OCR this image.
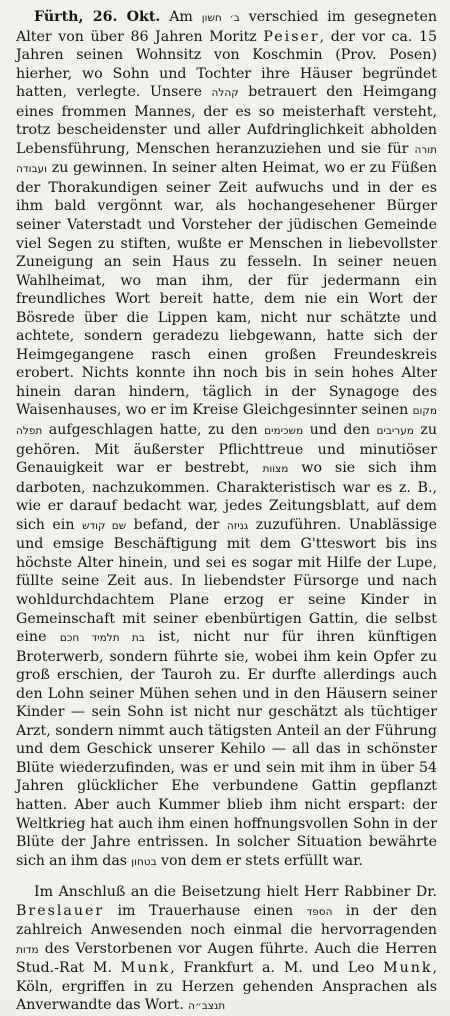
Fürth, 26. Okt. Am ב׳ חשון verschied im gesegneten Alter von über 86 Jahren Moritz Peiser, der vor ca. 15 Jahren seinen Wohnsitz von Koschmin (Prov. Posen) hierher, wo Sohn und Tochter ihre Häuser begründet hatten, verlegte. Unsere קהלה betrauert den Heimgang eines frommen Mannes, der es so meisterhaft versteht, trotz bescheidenster und aller Aufdringlichkeit abholden Lebensführung, Menschen heranzuziehen und sie für תורה ועבודה zu gewinnen. In seiner alten Heimat, wo er zu Füßen der Thorakundigen seiner Zeit aufwuchs und in der es ihm bald vergönnt war, als hochangesehener Bürger seiner Vaterstadt und Vorsteher der jüdischen Gemeinde viel Segen zu stiften, wußte er Menschen in liebevollster Zuneigung an sein Haus zu fesseln. In seiner neuen Wahlheimat, wo man ihm, der für jedermann ein freundliches Wort bereit hatte, dem nie ein Wort der Bösrede über die Lippen kam, nicht nur schätzte und achtete, sondern geradezu liebgewann, hatte sich der Heimgegangene rasch einen großen Freundeskreis erobert. Nichts konnte ihn noch bis in sein hohes Alter hinein daran hindern, täglich in der Synagoge des Waisenhauses, wo er im Kreise Gleichgesinnter seinen מקום תפלה aufgeschlagen hatte, zu den משכימים und den מעריבים zu gehören. Mit äußerster Pflichttreue und minutiöser Genauigkeit war er bestrebt, מצוות wo sie sich ihm darboten, nachzukommen. Charakteristisch war es z. B., wie er darauf bedacht war, jedes Zeitungsblatt, auf dem sich ein שם קודש befand, der גניזה zuzuführen. Unablässige und emsige Beschäftigung mit dem G'tteswort bis ins höchste Alter hinein, und sei es sogar mit Hilfe der Lupe, füllte seine Zeit aus. In liebendster Fürsorge und nach wohldurchdachtem Plane erzog er seine Kinder in Gemeinschaft mit seiner ebenbürtigen Gattin, die selbst eine בת תלמיד חכם ist, nicht nur für ihren künftigen Broterwerb, sondern führte sie, wobei ihm kein Opfer zu groß erschien, der Tauroh zu. Er durfte allerdings auch den Lohn seiner Mühen sehen und in den Häusern seiner Kinder — sein Sohn ist nicht nur geschätzt als tüchtiger Arzt, sondern nimmt auch tätigsten Anteil an der Führung und dem Geschick unserer Kehilo — all das in schönster Blüte wiederzufinden, was er und sein mit ihm in über 54 Jahren glücklicher Ehe verbundene Gattin gepflanzt hatten. Aber auch Kummer blieb ihm nicht erspart: der Weltkrieg hat auch ihm einen hoffnungsvollen Sohn in der Blüte der Jahre entrissen. In solcher Situation bewährte sich an ihm das בטחון von dem er stets erfüllt war.

Im Anschluß an die Beisetzung hielt Herr Rabbiner Dr. Breslauer im Trauerhause einen הספד in der den zahlreich Anwesenden noch einmal die hervorragenden מדות des Verstorbenen vor Augen führte. Auch die Herren Stud.-Rat M. Munk, Frankfurt a. M. und Leo Munk, Köln, ergriffen in zu Herzen gehenden Ansprachen als Anverwandte das Wort. תנצב״ה
